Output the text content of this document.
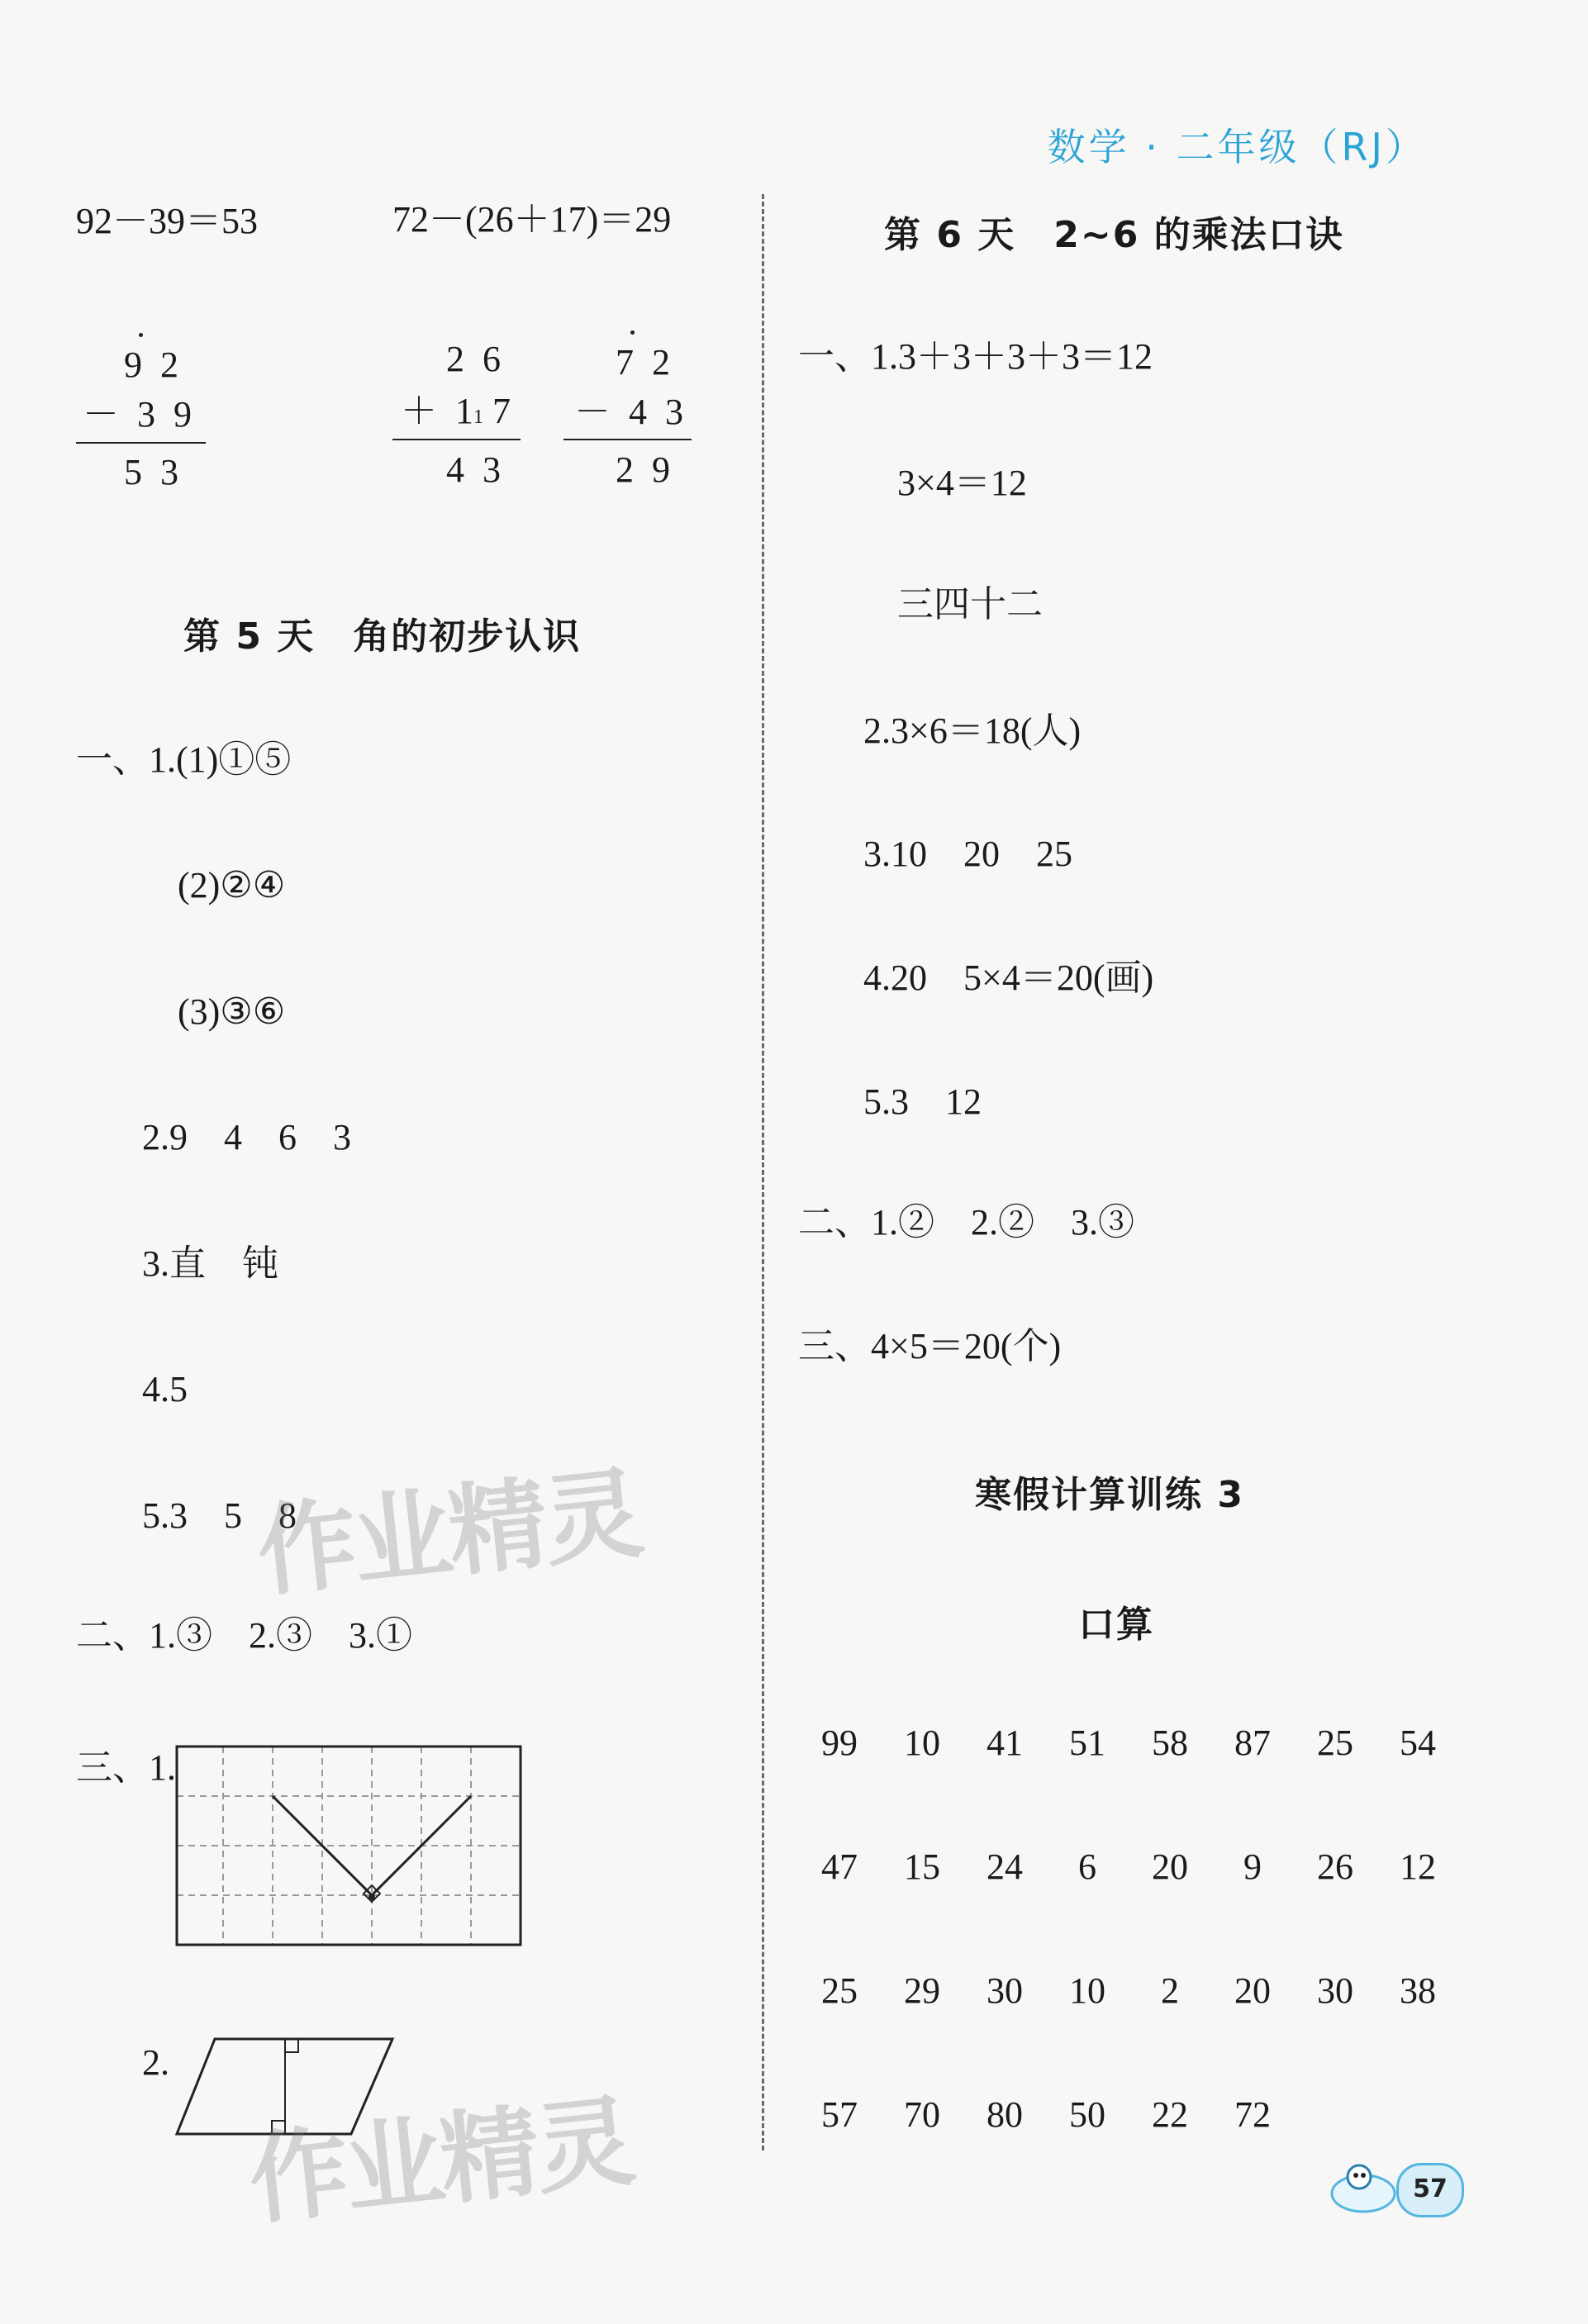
数学 · 二年级（RJ）
92－39＝53	72－(26＋17)＝29
9 2
－ 3 9
5 3
2 6
＋ 11 7
4 3
7 2
－ 4 3
2 9
第 5 天　角的初步认识
一、1.(1)①⑤
(2)②④
(3)③⑥
2.9　4　6　3
3.直　钝
4.5
5.3　5　8
二、1.③　2.③　3.①
三、1.
2.
第 6 天　2~6 的乘法口诀
一、1.3＋3＋3＋3＝12
3×4＝12
三四十二
2.3×6＝18(人)
3.10　20　25
4.20　5×4＝20(画)
5.3　12
二、1.②　2.②　3.③
三、4×5＝20(个)
寒假计算训练 3
口算
99 10 41 51 58 87 25 54
47 15 24 6 20 9 26 12
25 29 30 10 2 20 30 38
57 70 80 50 22 72
作业精灵
作业精灵	57
